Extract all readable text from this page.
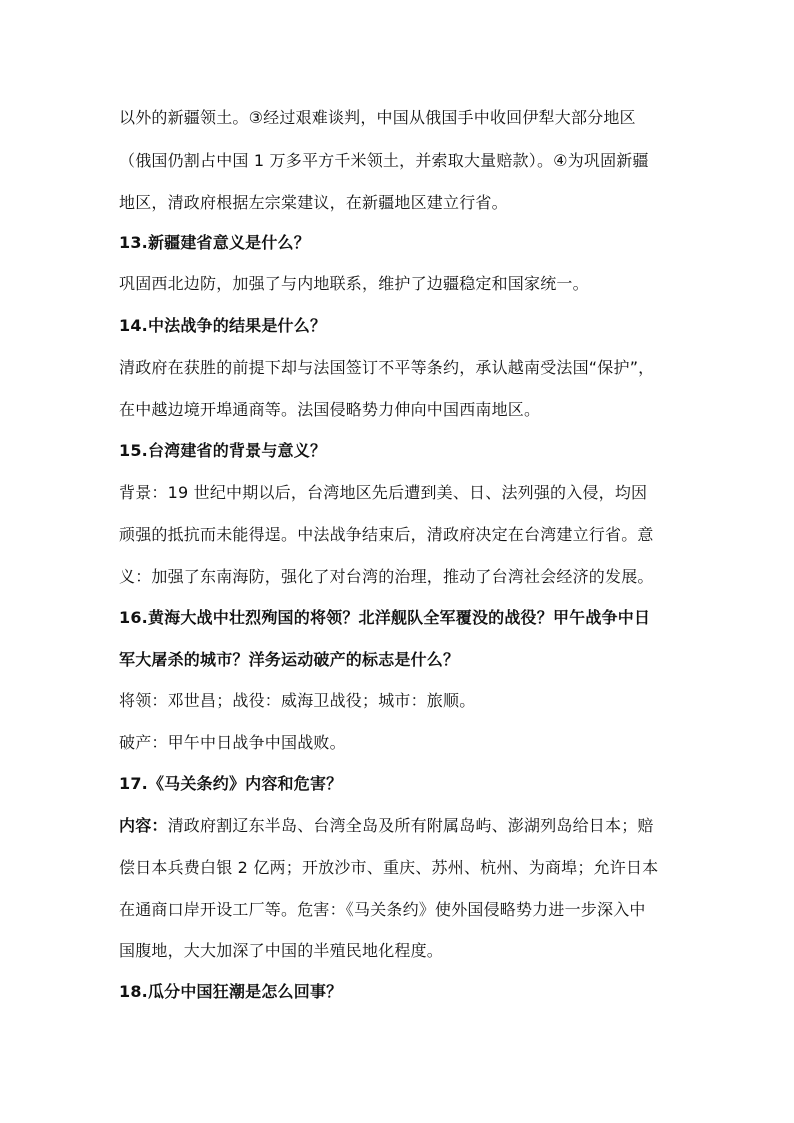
以外的新疆领土。③经过艰难谈判，中国从俄国手中收回伊犁大部分地区
（俄国仍割占中国 1 万多平方千米领土，并索取大量赔款）。④为巩固新疆
地区，清政府根据左宗棠建议，在新疆地区建立行省。
13.新疆建省意义是什么？
巩固西北边防，加强了与内地联系，维护了边疆稳定和国家统一。
14.中法战争的结果是什么？
清政府在获胜的前提下却与法国签订不平等条约，承认越南受法国“保护”，
在中越边境开埠通商等。法国侵略势力伸向中国西南地区。
15.台湾建省的背景与意义？
背景：19 世纪中期以后，台湾地区先后遭到美、日、法列强的入侵，均因
顽强的抵抗而未能得逞。中法战争结束后，清政府决定在台湾建立行省。意
义：加强了东南海防，强化了对台湾的治理，推动了台湾社会经济的发展。
16.黄海大战中壮烈殉国的将领？北洋舰队全军覆没的战役？甲午战争中日
军大屠杀的城市？洋务运动破产的标志是什么？
将领：邓世昌；战役：威海卫战役；城市：旅顺。
破产：甲午中日战争中国战败。
17.《马关条约》内容和危害？
内容：清政府割辽东半岛、台湾全岛及所有附属岛屿、澎湖列岛给日本；赔
偿日本兵费白银 2 亿两；开放沙市、重庆、苏州、杭州、为商埠；允许日本
在通商口岸开设工厂等。危害：《马关条约》使外国侵略势力进一步深入中
国腹地，大大加深了中国的半殖民地化程度。
18.瓜分中国狂潮是怎么回事？
